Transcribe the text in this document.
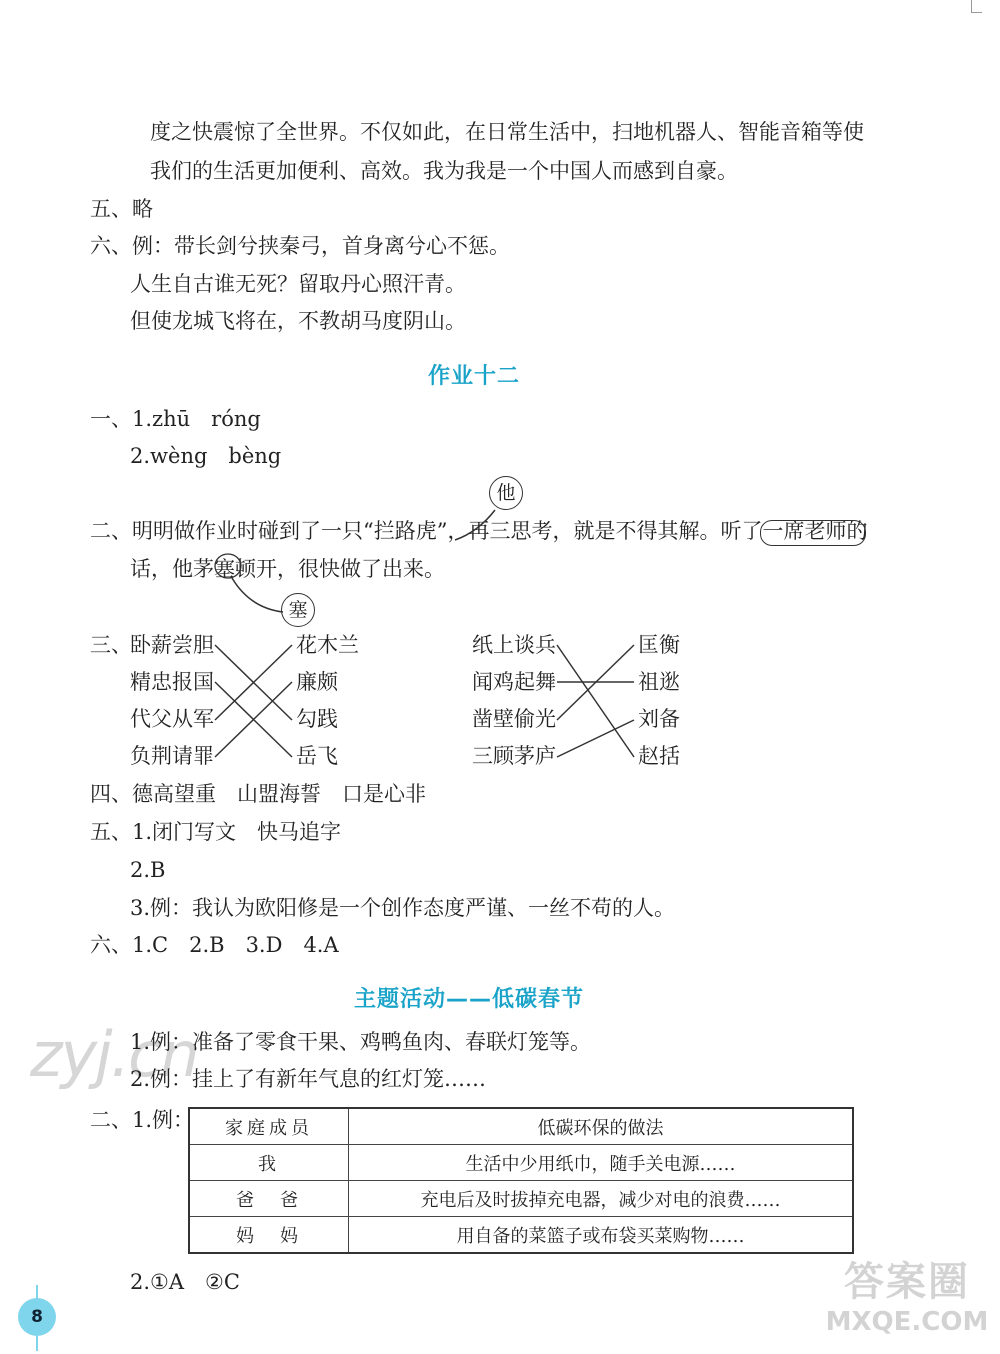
度之快震惊了全世界。不仅如此，在日常生活中，扫地机器人、智能音箱等使
我们的生活更加便利、高效。我为我是一个中国人而感到自豪。
五、略
六、例：带长剑兮挟秦弓，首身离兮心不惩。
人生自古谁无死？留取丹心照汗青。
但使龙城飞将在，不教胡马度阴山。
作业十二
一、1.zhū　róng
2.wèng　bèng
他
二、明明做作业时碰到了一只“拦路虎”，再三思考，就是不得其解。听了一席老师的
话，他茅塞顿开，很快做了出来。
塞
三、
卧薪尝胆
精忠报国
代父从军
负荆请罪
花木兰
廉颇
勾践
岳飞
纸上谈兵
闻鸡起舞
凿壁偷光
三顾茅庐
匡衡
祖逖
刘备
赵括
四、德高望重　山盟海誓　口是心非
五、1.闭门写文　快马追字
2.B
3.例：我认为欧阳修是一个创作态度严谨、一丝不苟的人。
六、1.C　2.B　3.D　4.A
主题活动——低碳春节
zyj.cn
1.例：准备了零食干果、鸡鸭鱼肉、春联灯笼等。
2.例：挂上了有新年气息的红灯笼……
二、1.例： 家庭成员	低碳环保的做法
我	生活中少用纸巾，随手关电源……
爸　爸	充电后及时拔掉充电器，减少对电的浪费……
妈　妈	用自备的菜篮子或布袋买菜购物……
2.①A　②C
8
答案圈
MXQE.COM
